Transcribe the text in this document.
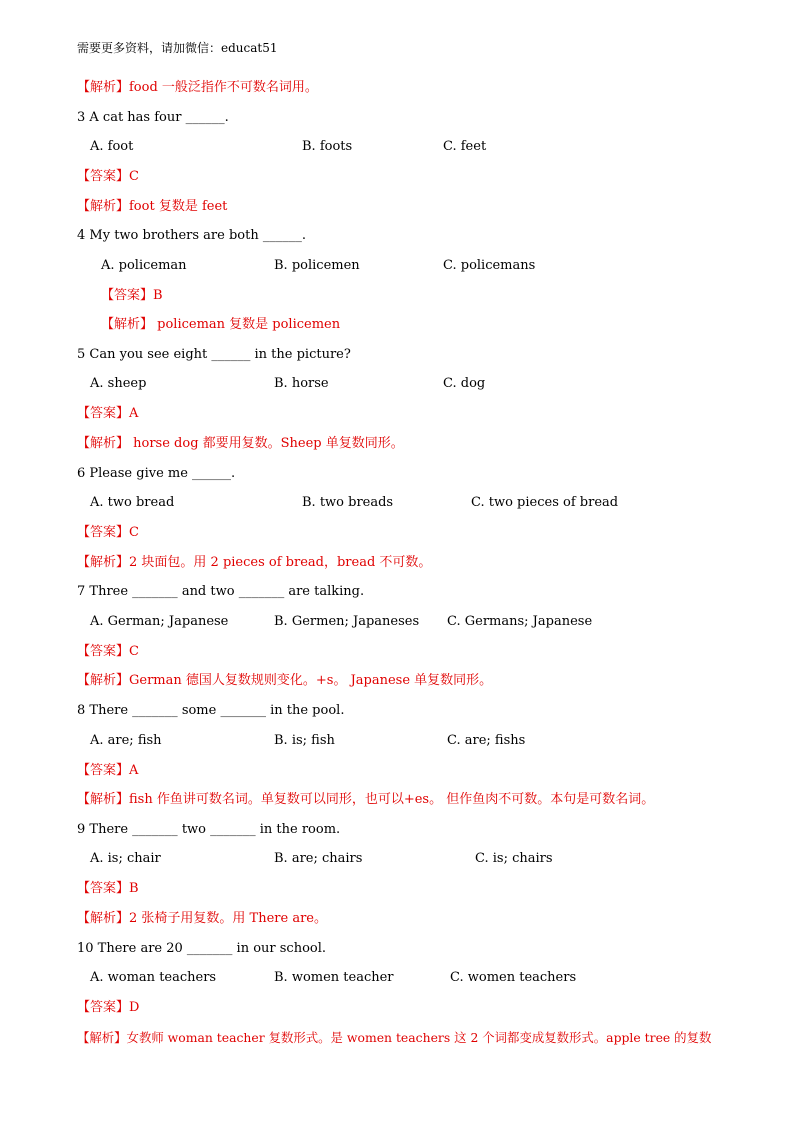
需要更多资料，请加微信：educat51
【解析】food 一般泛指作不可数名词用。
3 A cat has four ______.
A. foot	B. foots	C. feet
【答案】C
【解析】foot 复数是 feet
4 My two brothers are both ______.
A. policeman	B. policemen	C. policemans
【答案】B
【解析】 policeman 复数是 policemen
5 Can you see eight ______ in the picture?
A. sheep	B. horse	C. dog
【答案】A
【解析】 horse dog 都要用复数。Sheep 单复数同形。
6 Please give me ______.
A. two bread	B. two breads	C. two pieces of bread
【答案】C
【解析】2 块面包。用 2 pieces of bread，bread 不可数。
7 Three _______ and two _______ are talking.
A. German; Japanese	B. Germen; Japaneses C. Germans; Japanese
【答案】C
【解析】German 德国人复数规则变化。+s。 Japanese 单复数同形。
8 There _______ some _______ in the pool.
A. are; fish	B. is; fish	C. are; fishs
【答案】A
【解析】fish 作鱼讲可数名词。单复数可以同形，也可以+es。 但作鱼肉不可数。本句是可数名词。
9 There _______ two _______ in the room.
A. is; chair	B. are; chairs	C. is; chairs
【答案】B
【解析】2 张椅子用复数。用 There are。
10 There are 20 _______ in our school.
A. woman teachers	B. women teacher	C. women teachers
【答案】D
【解析】女教师 woman teacher 复数形式。是 women teachers 这 2 个词都变成复数形式。apple tree 的复数
